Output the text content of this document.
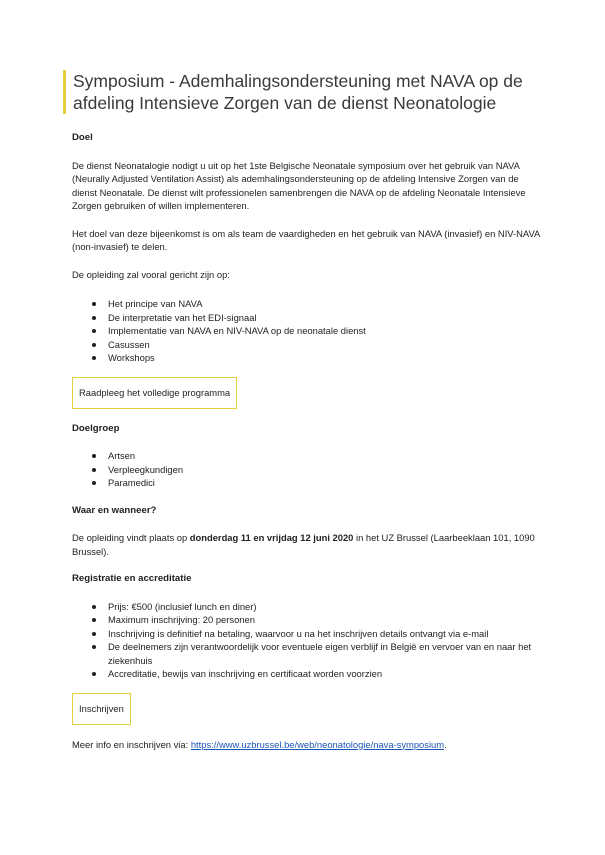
Symposium - Ademhalingsondersteuning met NAVA op de afdeling Intensieve Zorgen van de dienst Neonatologie
Doel

De dienst Neonatalogie nodigt u uit op het 1ste Belgische Neonatale symposium over het gebruik van NAVA (Neurally Adjusted Ventilation Assist) als ademhalingsondersteuning op de afdeling Intensive Zorgen van de dienst Neonatale. De dienst wilt professionelen samenbrengen die NAVA op de afdeling Neonatale Intensieve Zorgen gebruiken of willen implementeren.

Het doel van deze bijeenkomst is om als team de vaardigheden en het gebruik van NAVA (invasief) en NIV-NAVA (non-invasief) te delen.

De opleiding zal vooral gericht zijn op:

Het principe van NAVA
De interpretatie van het EDI-signaal
Implementatie van NAVA en NIV-NAVA op de neonatale dienst
Casussen
Workshops
Raadpleeg het volledige programma
Doelgroep
Artsen
Verpleegkundigen
Paramedici
Waar en wanneer?

De opleiding vindt plaats op donderdag 11 en vrijdag 12 juni 2020 in het UZ Brussel (Laarbeeklaan 101, 1090 Brussel).

Registratie en accreditatie
Prijs: €500 (inclusief lunch en diner)
Maximum inschrijving: 20 personen
Inschrijving is definitief na betaling, waarvoor u na het inschrijven details ontvangt via e-mail
De deelnemers zijn verantwoordelijk voor eventuele eigen verblijf in België en vervoer van en naar het ziekenhuis
Accreditatie, bewijs van inschrijving en certificaat worden voorzien
Inschrijven

Meer info en inschrijven via: https://www.uzbrussel.be/web/neonatologie/nava-symposium.
